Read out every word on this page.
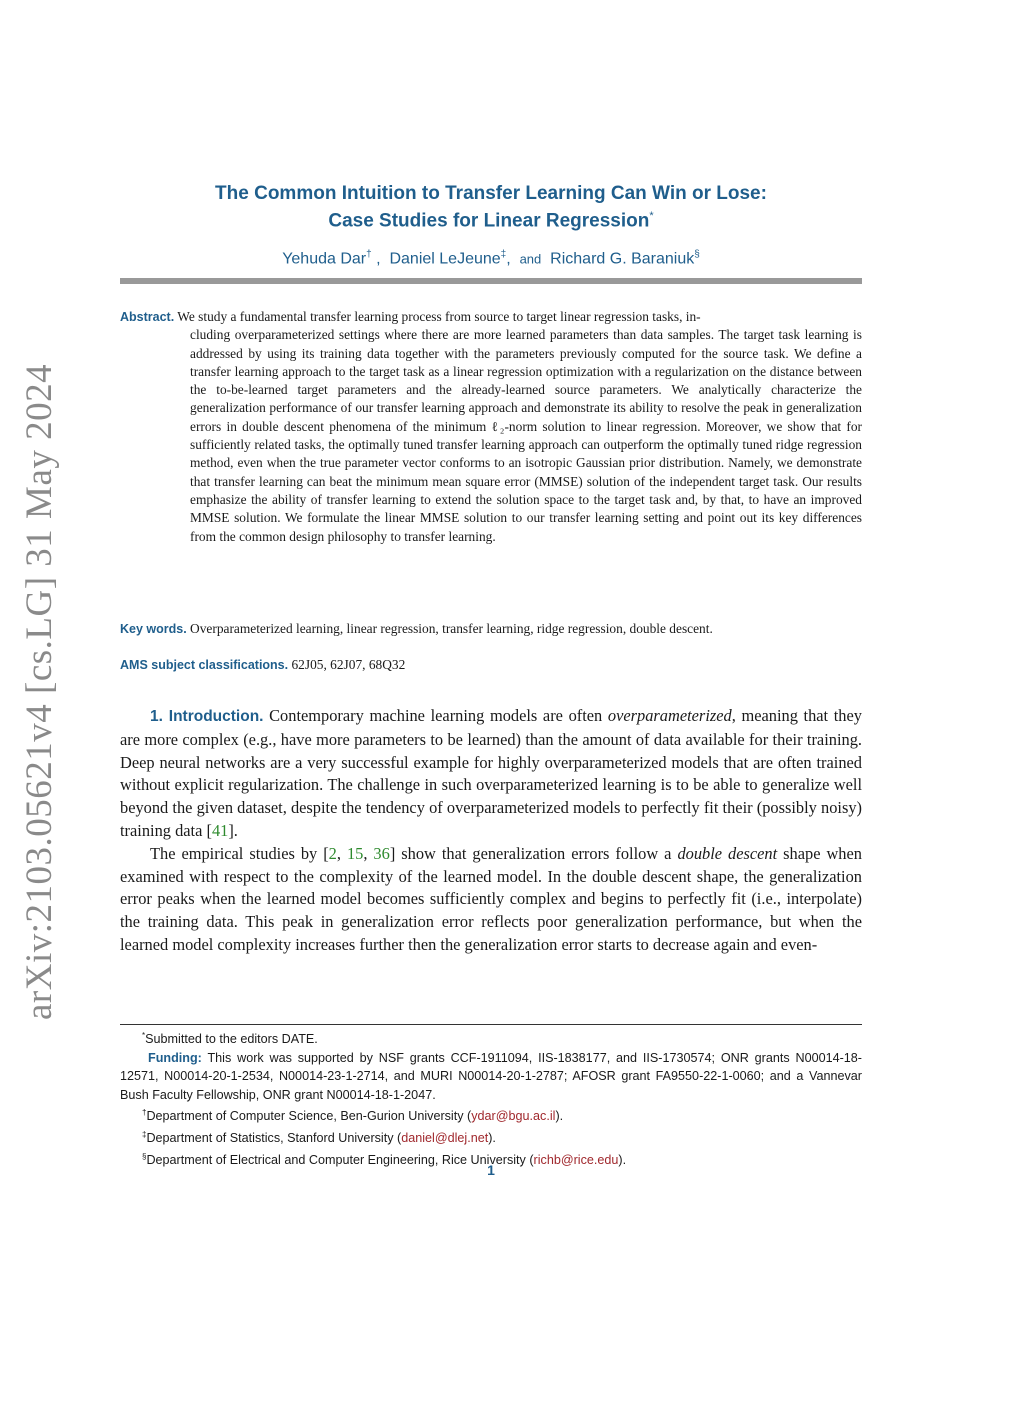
arXiv:2103.05621v4 [cs.LG] 31 May 2024
The Common Intuition to Transfer Learning Can Win or Lose:
Case Studies for Linear Regression*
Yehuda Dar† ,  Daniel LeJeune‡,  and Richard G. Baraniuk§
Abstract. We study a fundamental transfer learning process from source to target linear regression tasks, in-
cluding overparameterized settings where there are more learned parameters than data samples. The target task learning is addressed by using its training data together with the parameters previously computed for the source task. We define a transfer learning approach to the target task as a linear regression optimization with a regularization on the distance between the to-be-learned target parameters and the already-learned source parameters. We analytically characterize the generalization performance of our transfer learning approach and demonstrate its ability to resolve the peak in generalization errors in double descent phenomena of the minimum ℓ₂-norm solution to linear regression. Moreover, we show that for sufficiently related tasks, the optimally tuned transfer learning approach can outperform the optimally tuned ridge regression method, even when the true parameter vector conforms to an isotropic Gaussian prior distribution. Namely, we demonstrate that transfer learning can beat the minimum mean square error (MMSE) solution of the independent target task. Our results emphasize the ability of transfer learning to extend the solution space to the target task and, by that, to have an improved MMSE solution. We formulate the linear MMSE solution to our transfer learning setting and point out its key differences from the common design philosophy to transfer learning.
Key words. Overparameterized learning, linear regression, transfer learning, ridge regression, double descent.
AMS subject classifications. 62J05, 62J07, 68Q32

1. Introduction. Contemporary machine learning models are often overparameterized, meaning that they are more complex (e.g., have more parameters to be learned) than the amount of data available for their training. Deep neural networks are a very successful example for highly overparameterized models that are often trained without explicit regularization. The challenge in such overparameterized learning is to be able to generalize well beyond the given dataset, despite the tendency of overparameterized models to perfectly fit their (possibly noisy) training data [41].

The empirical studies by [2, 15, 36] show that generalization errors follow a double descent shape when examined with respect to the complexity of the learned model. In the double descent shape, the generalization error peaks when the learned model becomes sufficiently complex and begins to perfectly fit (i.e., interpolate) the training data. This peak in generalization error reflects poor generalization performance, but when the learned model complexity increases further then the generalization error starts to decrease again and even-

*Submitted to the editors DATE.
Funding: This work was supported by NSF grants CCF-1911094, IIS-1838177, and IIS-1730574; ONR grants N00014-18-12571, N00014-20-1-2534, N00014-23-1-2714, and MURI N00014-20-1-2787; AFOSR grant FA9550-22-1-0060; and a Vannevar Bush Faculty Fellowship, ONR grant N00014-18-1-2047.
†Department of Computer Science, Ben-Gurion University (ydar@bgu.ac.il).
‡Department of Statistics, Stanford University (daniel@dlej.net).
§Department of Electrical and Computer Engineering, Rice University (richb@rice.edu).
1
